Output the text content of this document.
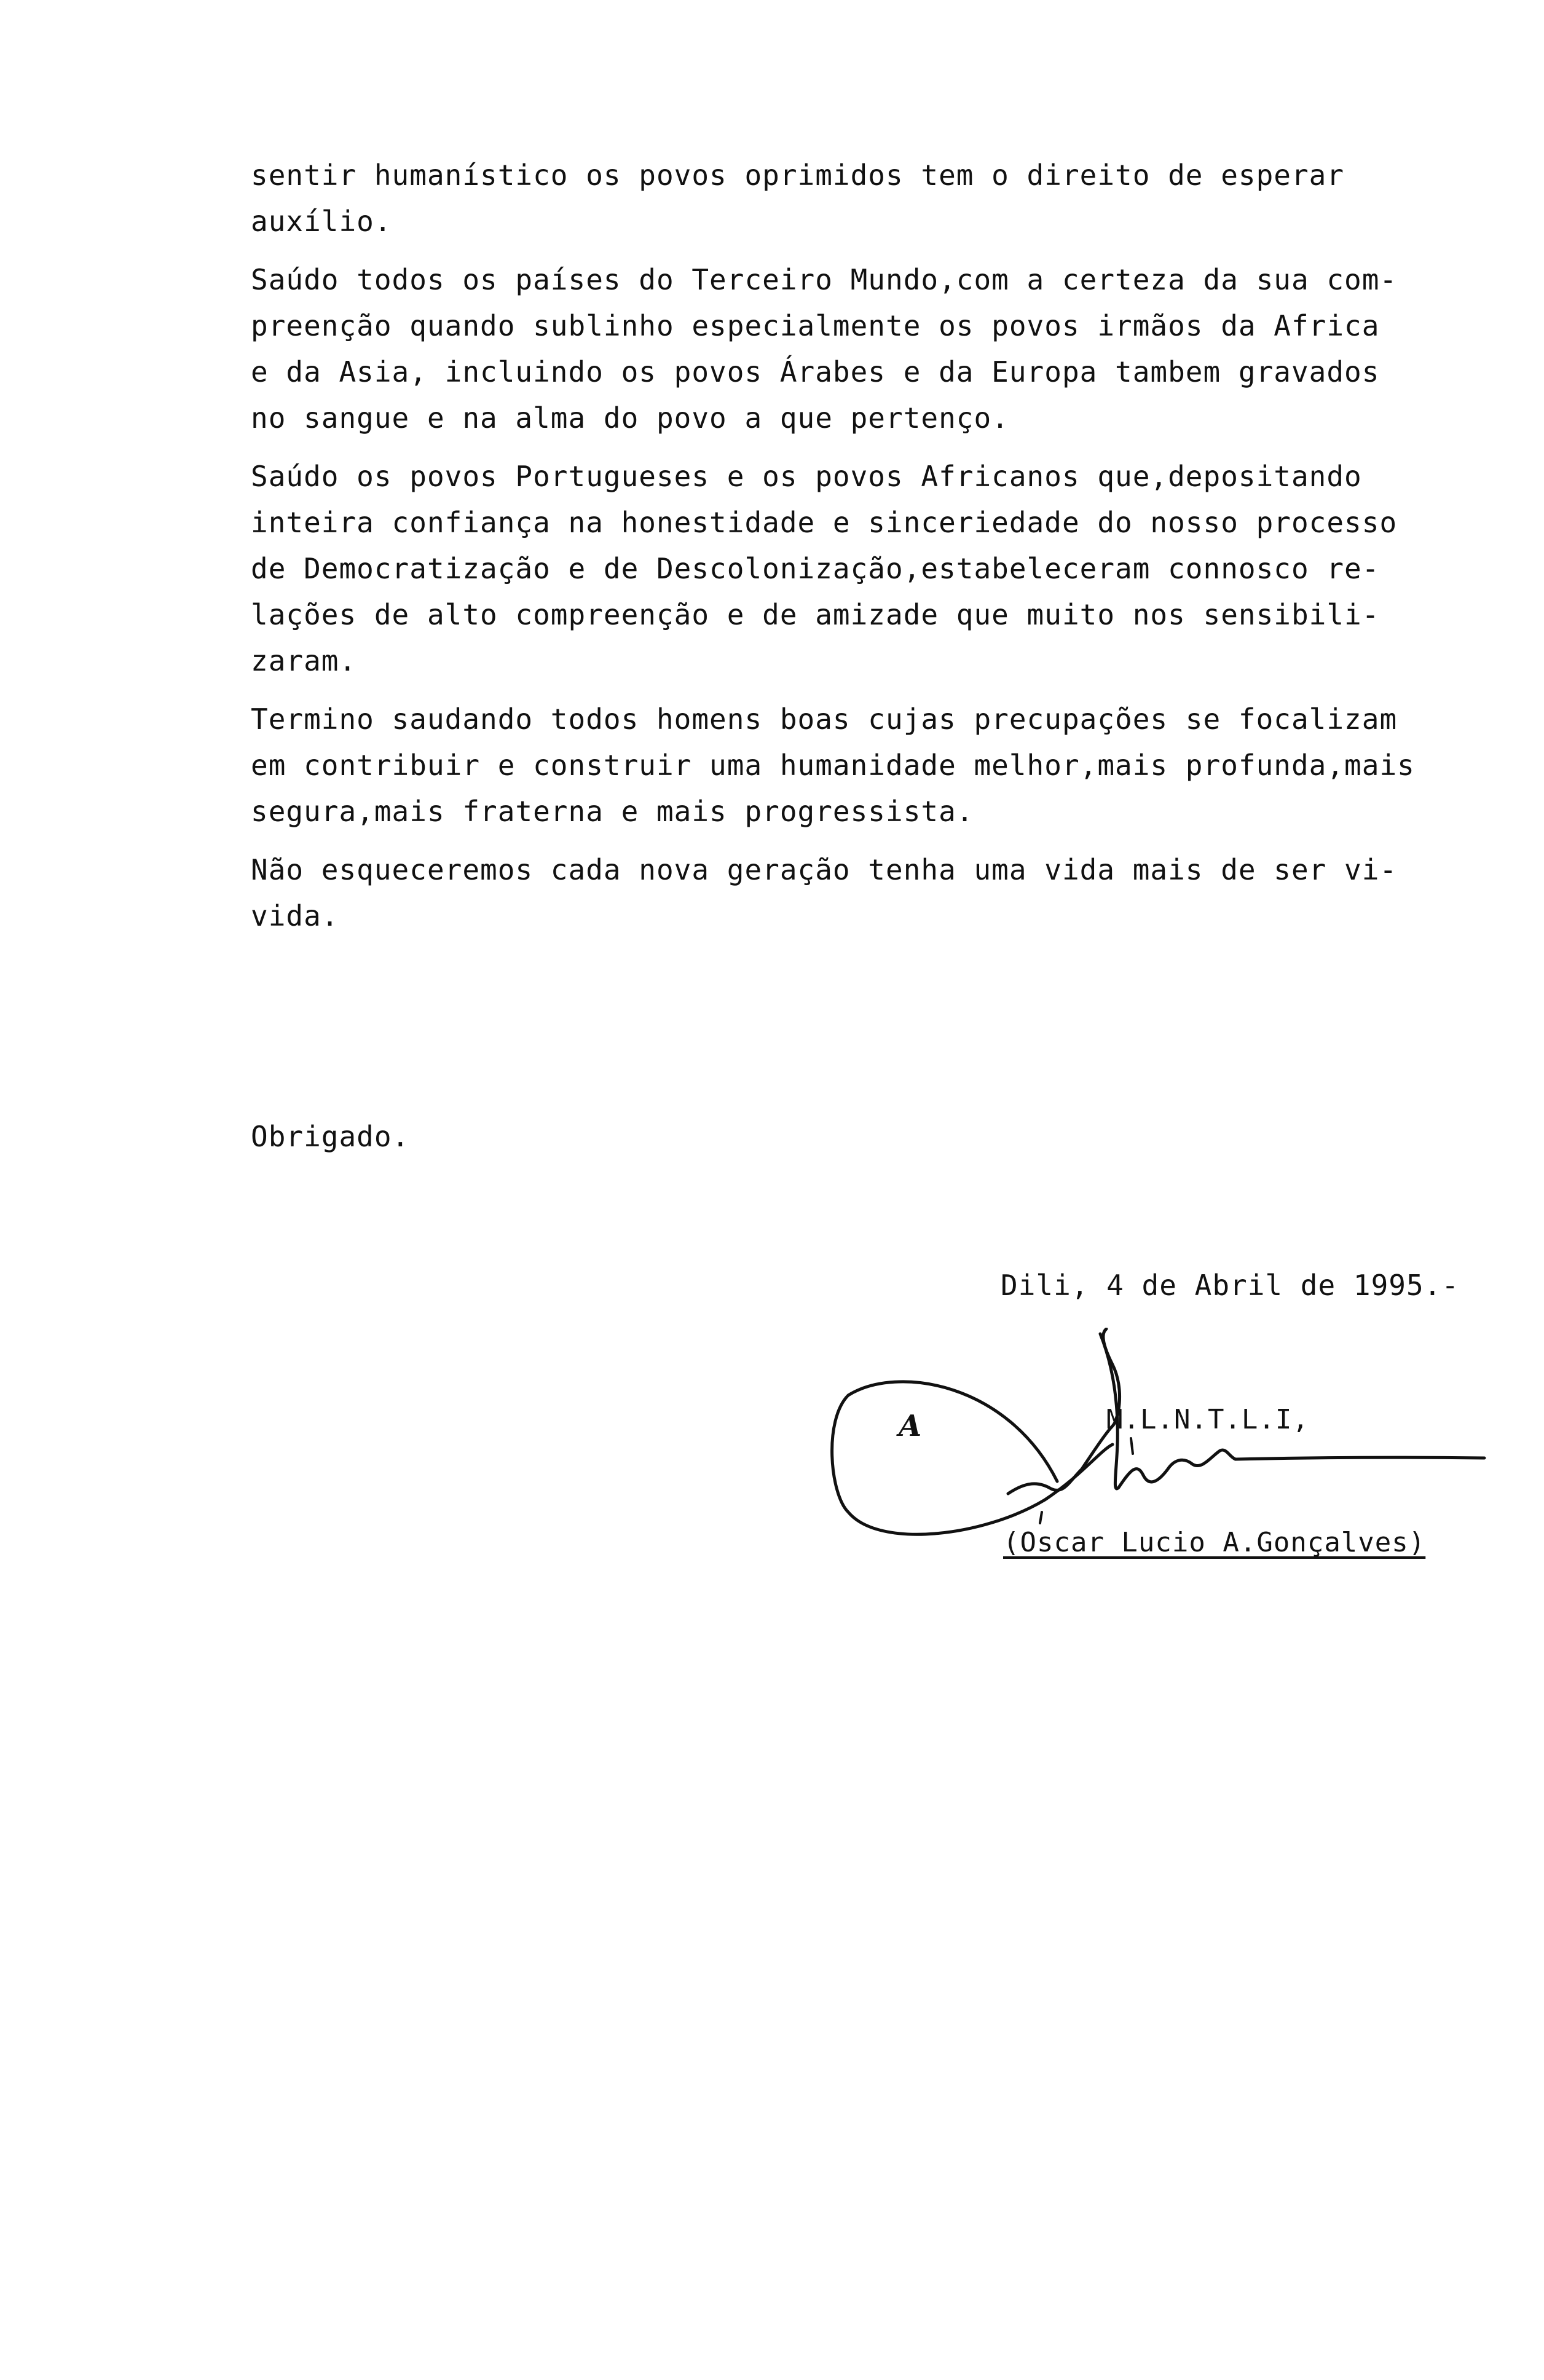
sentir humanístico os povos oprimidos tem o direito de esperar
auxílio.
Saúdo todos os países do Terceiro Mundo,com a certeza da sua com-
preenção quando sublinho especialmente os povos irmãos da Africa
e da Asia, incluindo os povos Árabes e da Europa tambem gravados
no sangue e na alma do povo a que pertenço.
Saúdo os povos Portugueses e os povos Africanos que,depositando
inteira confiança na honestidade e sinceriedade do nosso processo
de Democratização e de Descolonização,estabeleceram connosco re-
lações de alto compreenção e de amizade que muito nos sensibili-
zaram.
Termino saudando todos homens boas cujas precupações se focalizam
em contribuir e construir uma humanidade melhor,mais profunda,mais
segura,mais fraterna e mais progressista.
Não esqueceremos cada nova geração tenha uma vida mais de ser vi-
vida.
Obrigado.
Dili, 4 de Abril de 1995.-
A	M.L.N.T.L.I,
(Oscar Lucio A.Gonçalves)
